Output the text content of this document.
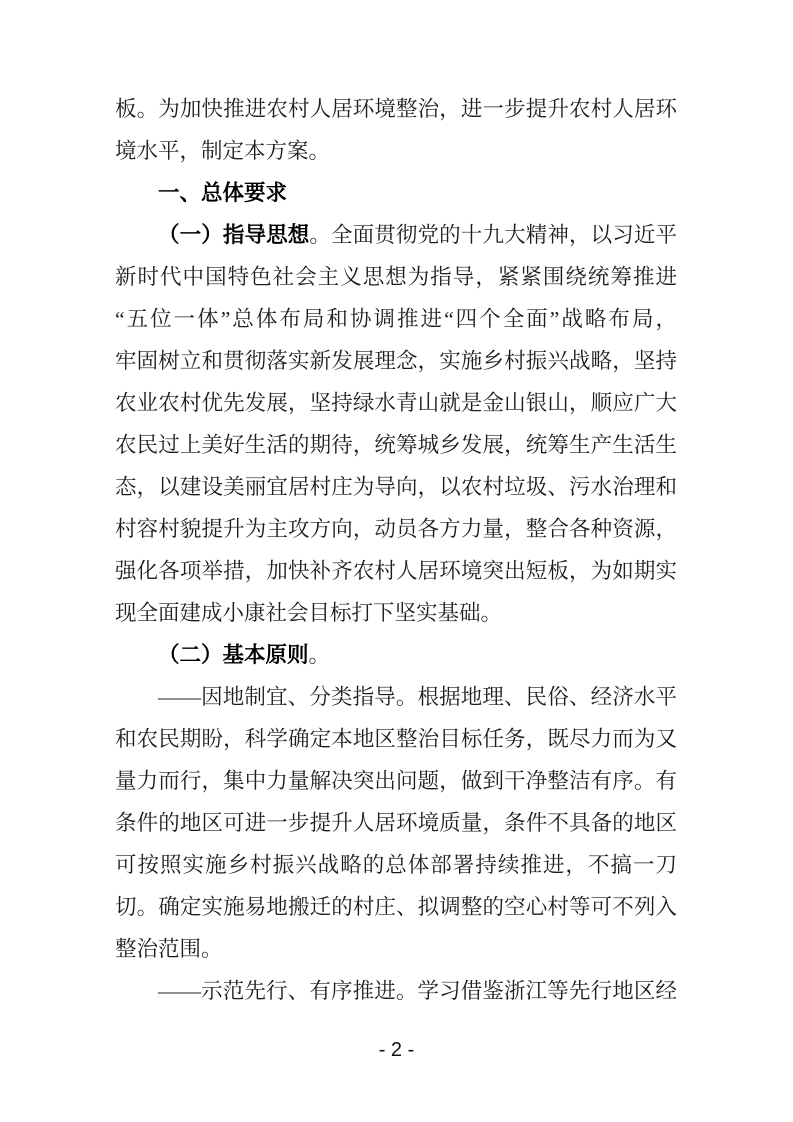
板。为加快推进农村人居环境整治，进一步提升农村人居环
境水平，制定本方案。
一、总体要求
（一）指导思想。全面贯彻党的十九大精神，以习近平
新时代中国特色社会主义思想为指导，紧紧围绕统筹推进
“五位一体”总体布局和协调推进“四个全面”战略布局，
牢固树立和贯彻落实新发展理念，实施乡村振兴战略，坚持
农业农村优先发展，坚持绿水青山就是金山银山，顺应广大
农民过上美好生活的期待，统筹城乡发展，统筹生产生活生
态，以建设美丽宜居村庄为导向，以农村垃圾、污水治理和
村容村貌提升为主攻方向，动员各方力量，整合各种资源，
强化各项举措，加快补齐农村人居环境突出短板，为如期实
现全面建成小康社会目标打下坚实基础。
（二）基本原则。
——因地制宜、分类指导。根据地理、民俗、经济水平
和农民期盼，科学确定本地区整治目标任务，既尽力而为又
量力而行，集中力量解决突出问题，做到干净整洁有序。有
条件的地区可进一步提升人居环境质量，条件不具备的地区
可按照实施乡村振兴战略的总体部署持续推进，不搞一刀
切。确定实施易地搬迁的村庄、拟调整的空心村等可不列入
整治范围。
——示范先行、有序推进。学习借鉴浙江等先行地区经
- 2 -
